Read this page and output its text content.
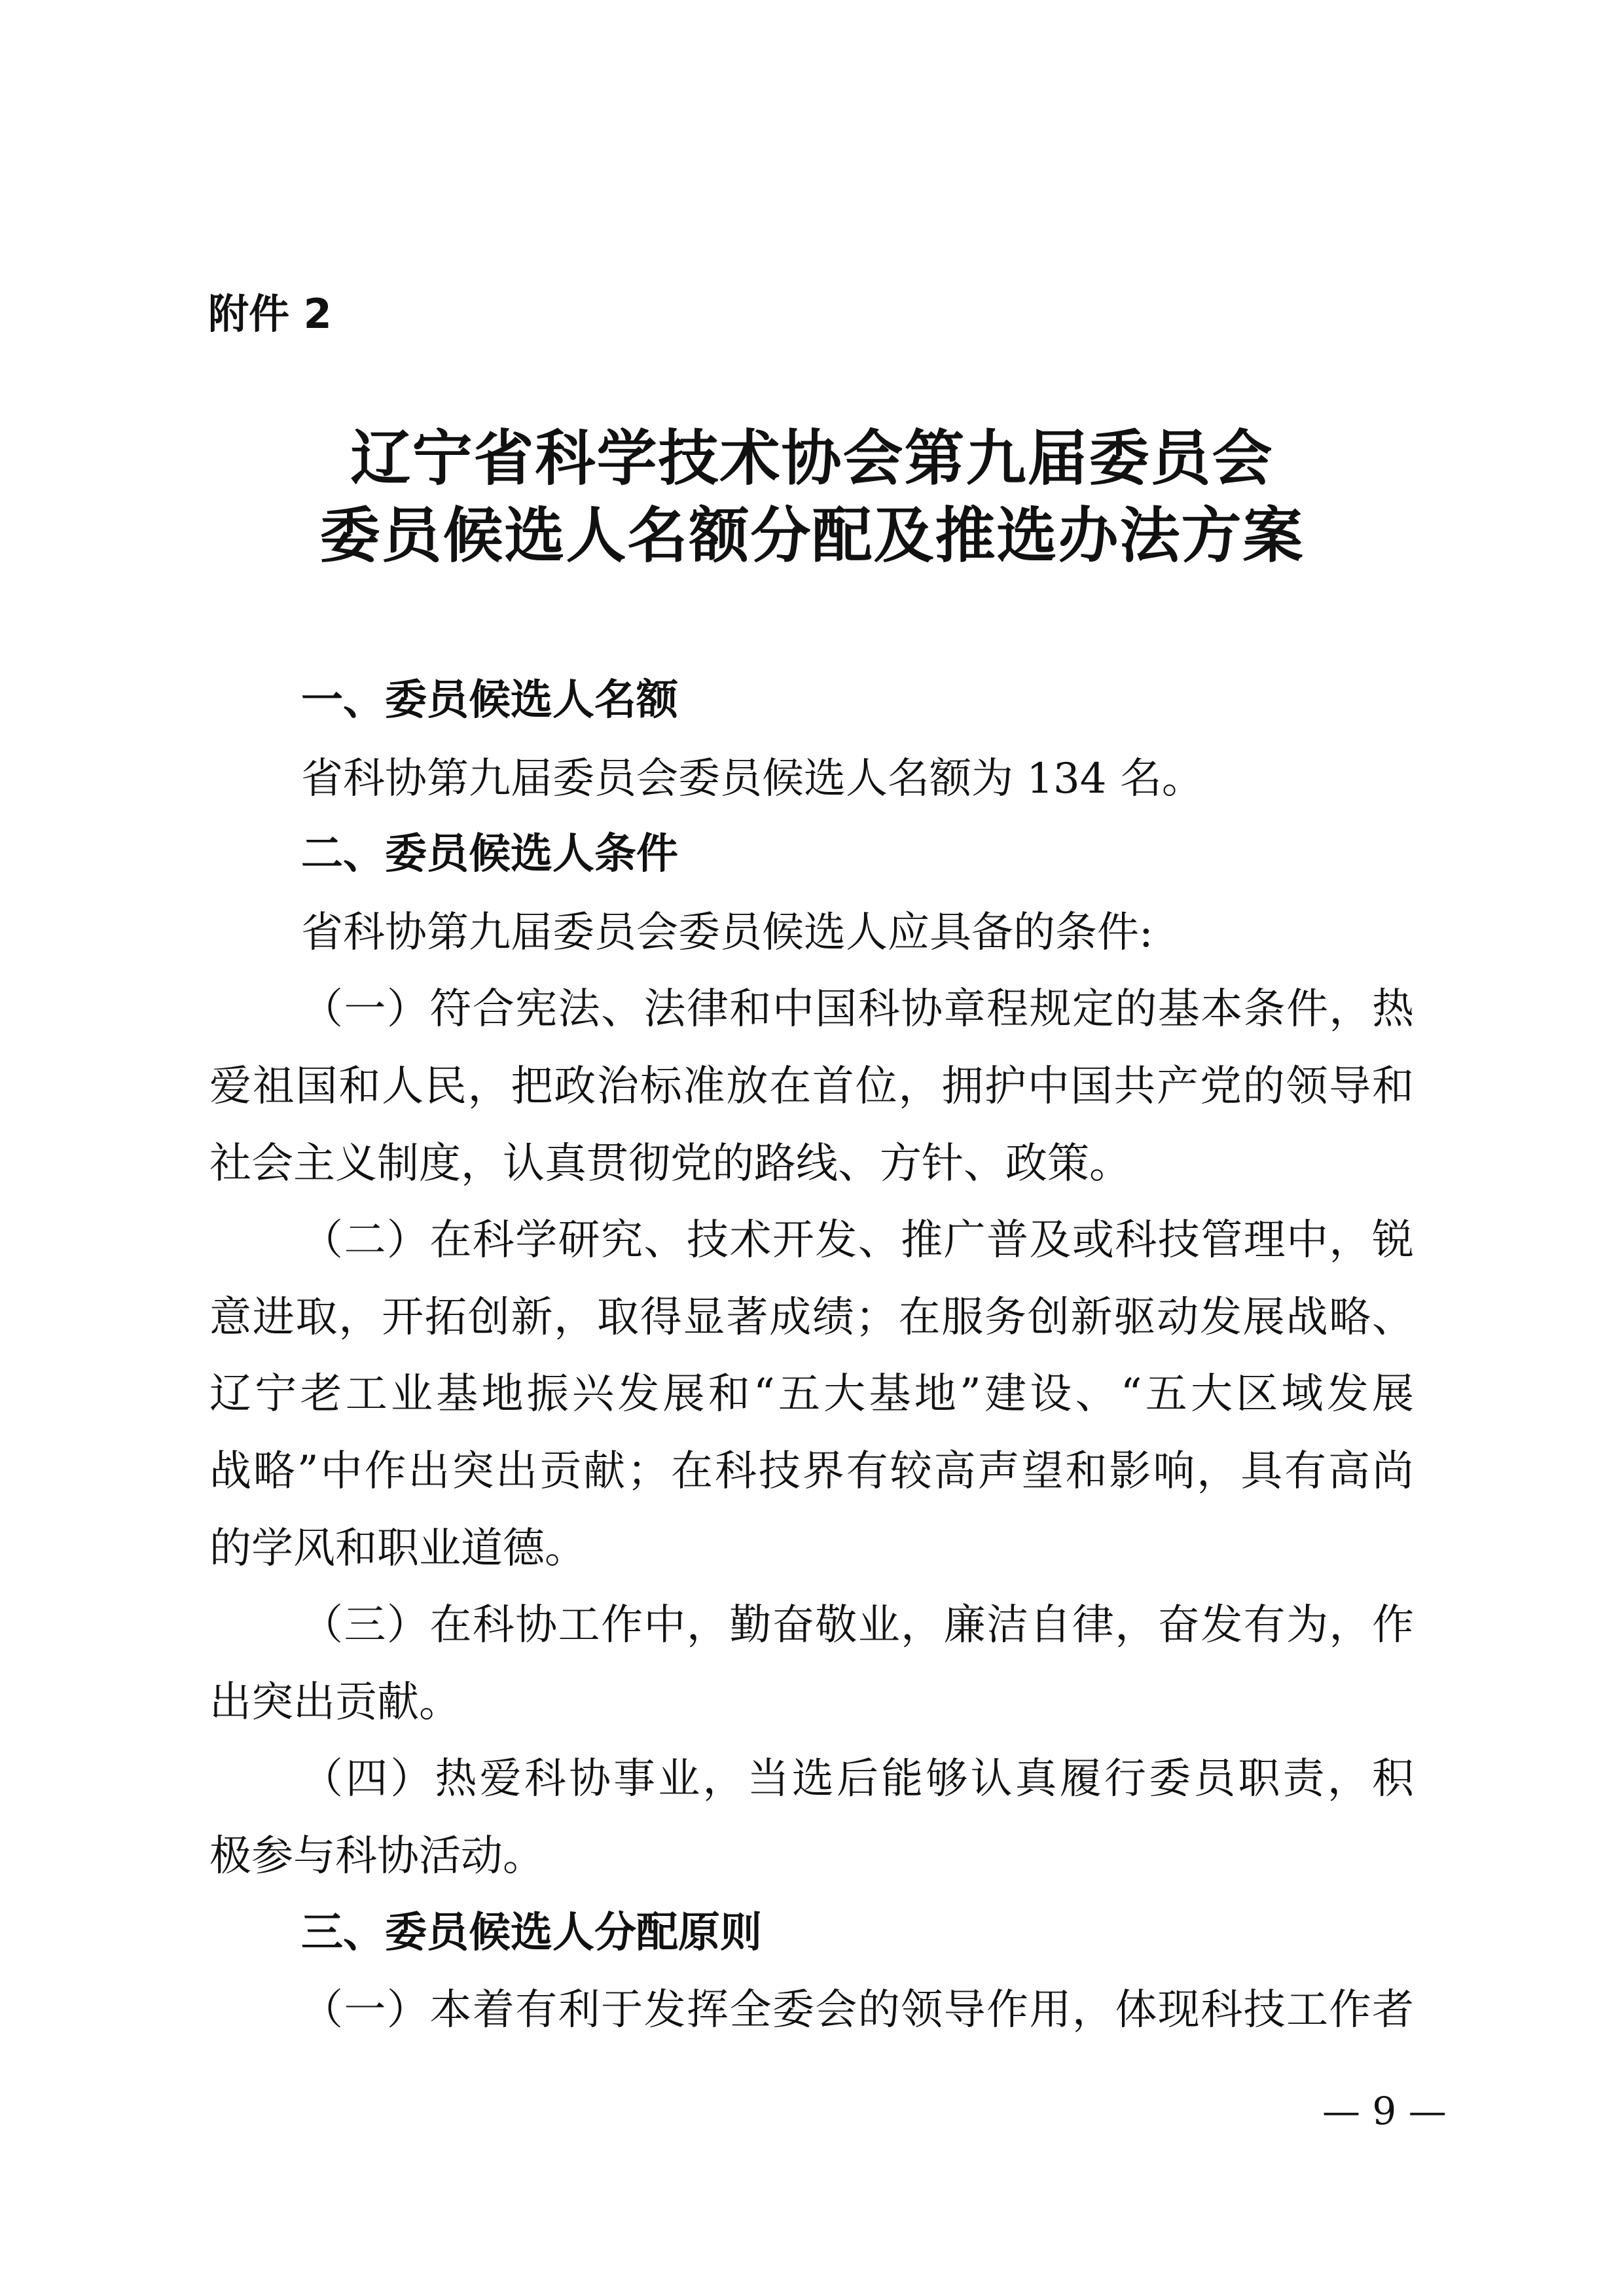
附件 2
辽宁省科学技术协会第九届委员会
委员候选人名额分配及推选办法方案
一、委员候选人名额
省科协第九届委员会委员候选人名额为 134 名。
二、委员候选人条件
省科协第九届委员会委员候选人应具备的条件:
（一）符合宪法、法律和中国科协章程规定的基本条件，热
爱祖国和人民，把政治标准放在首位，拥护中国共产党的领导和
社会主义制度，认真贯彻党的路线、方针、政策。
（二）在科学研究、技术开发、推广普及或科技管理中，锐
意进取，开拓创新，取得显著成绩；在服务创新驱动发展战略、
辽宁老工业基地振兴发展和“五大基地”建设、“五大区域发展
战略”中作出突出贡献；在科技界有较高声望和影响，具有高尚
的学风和职业道德。
（三）在科协工作中，勤奋敬业，廉洁自律，奋发有为，作
出突出贡献。
（四）热爱科协事业，当选后能够认真履行委员职责，积
极参与科协活动。
三、委员候选人分配原则
（一）本着有利于发挥全委会的领导作用，体现科技工作者
— 9 —
